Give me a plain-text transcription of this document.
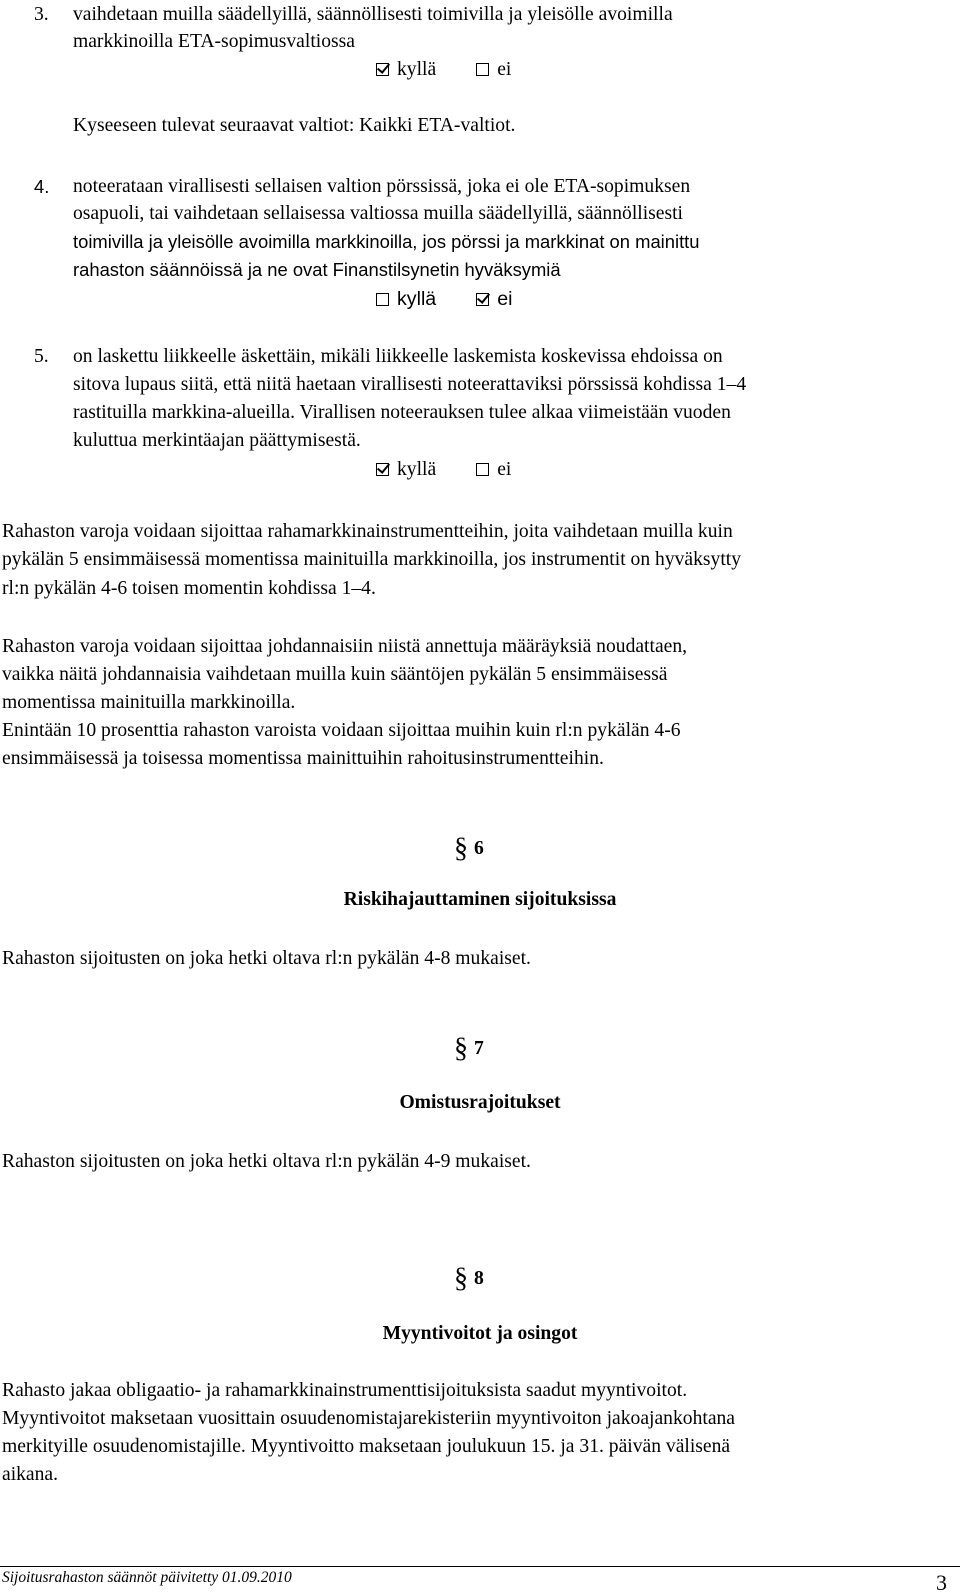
3. vaihdetaan muilla säädellyillä, säännöllisesti toimivilla ja yleisölle avoimilla
markkinoilla ETA-sopimusvaltiossa
kyllä	ei
Kyseeseen tulevat seuraavat valtiot: Kaikki ETA-valtiot.
4. noteerataan virallisesti sellaisen valtion pörssissä, joka ei ole ETA-sopimuksen
osapuoli, tai vaihdetaan sellaisessa valtiossa muilla säädellyillä, säännöllisesti
toimivilla ja yleisölle avoimilla markkinoilla, jos pörssi ja markkinat on mainittu
rahaston säännöissä ja ne ovat Finanstilsynetin hyväksymiä
kyllä	ei
5. on laskettu liikkeelle äskettäin, mikäli liikkeelle laskemista koskevissa ehdoissa on
sitova lupaus siitä, että niitä haetaan virallisesti noteerattaviksi pörssissä kohdissa 1–4
rastituilla markkina-alueilla. Virallisen noteerauksen tulee alkaa viimeistään vuoden
kuluttua merkintäajan päättymisestä.
kyllä	ei
Rahaston varoja voidaan sijoittaa rahamarkkinainstrumentteihin, joita vaihdetaan muilla kuin
pykälän 5 ensimmäisessä momentissa mainituilla markkinoilla, jos instrumentit on hyväksytty
rl:n pykälän 4-6 toisen momentin kohdissa 1–4.
Rahaston varoja voidaan sijoittaa johdannaisiin niistä annettuja määräyksiä noudattaen,
vaikka näitä johdannaisia vaihdetaan muilla kuin sääntöjen pykälän 5 ensimmäisessä
momentissa mainituilla markkinoilla.
Enintään 10 prosenttia rahaston varoista voidaan sijoittaa muihin kuin rl:n pykälän 4-6
ensimmäisessä ja toisessa momentissa mainittuihin rahoitusinstrumentteihin.
§ 6
Riskihajauttaminen sijoituksissa
Rahaston sijoitusten on joka hetki oltava rl:n pykälän 4-8 mukaiset.
§ 7
Omistusrajoitukset
Rahaston sijoitusten on joka hetki oltava rl:n pykälän 4-9 mukaiset.
§ 8
Myyntivoitot ja osingot
Rahasto jakaa obligaatio- ja rahamarkkinainstrumenttisijoituksista saadut myyntivoitot.
Myyntivoitot maksetaan vuosittain osuudenomistajarekisteriin myyntivoiton jakoajankohtana
merkityille osuudenomistajille. Myyntivoitto maksetaan joulukuun 15. ja 31. päivän välisenä
aikana.
Sijoitusrahaston säännöt päivitetty 01.09.2010	3
